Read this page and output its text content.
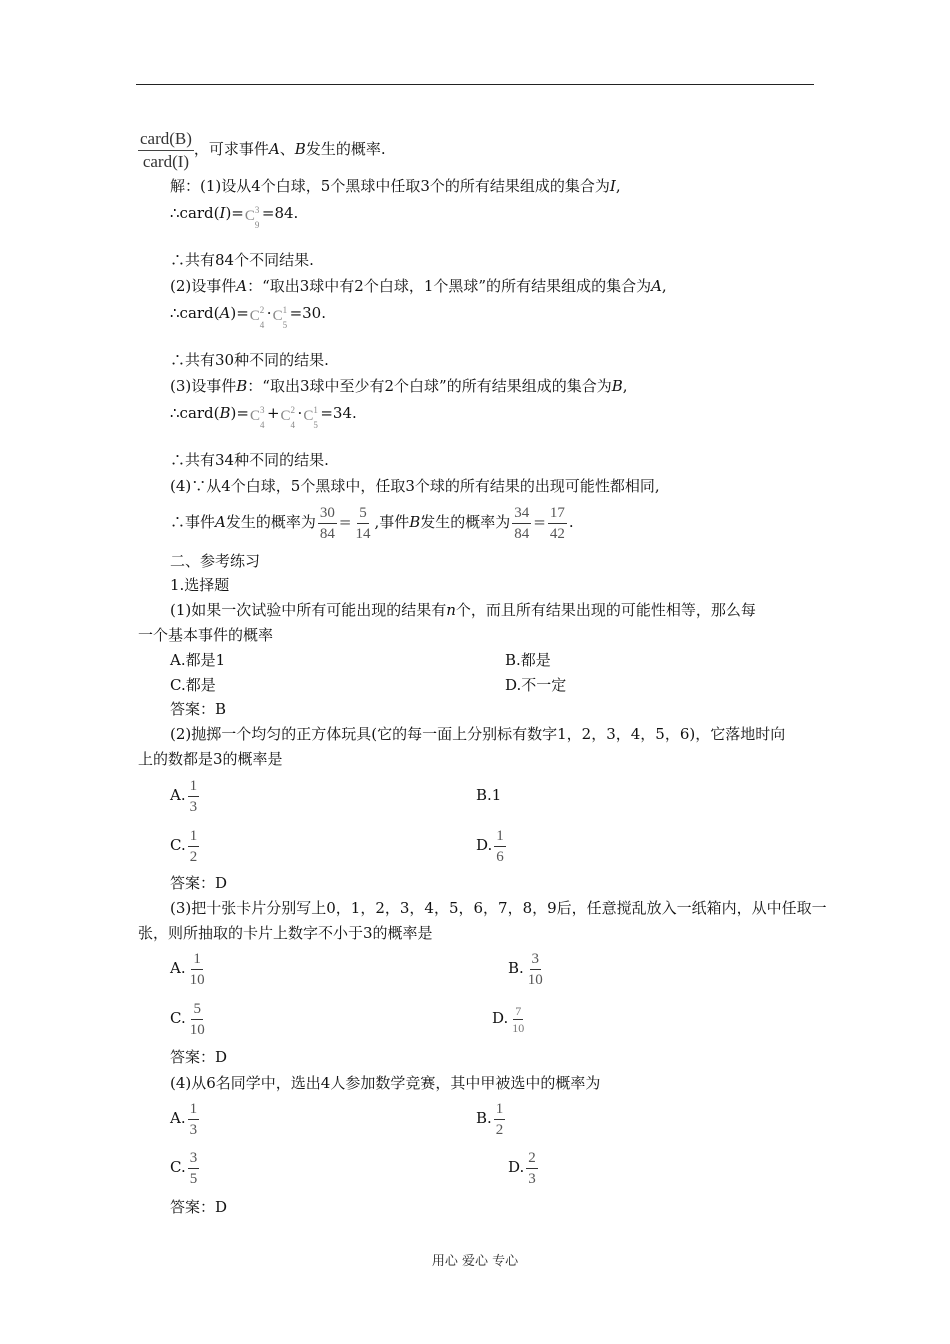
card(B)
card(I)
，可求事件A、B发生的概率.
解：(1)设从4个白球，5个黑球中任取3个的所有结果组成的集合为I,
∴card(I)= C 3
9
=84.
∴共有84个不同结果.
(2)设事件A：“取出3球中有2个白球，1个黑球”的所有结果组成的集合为A,
∴card(A)= C 2
4
· C 1
5
=30.
∴共有30种不同的结果.
(3)设事件B：“取出3球中至少有2个白球”的所有结果组成的集合为B,
∴card(B)= C 3
4
+ C 2
4
· C 1
5
=34.
∴共有34种不同的结果.
(4)∵从4个白球，5个黑球中，任取3个球的所有结果的出现可能性都相同,
∴事件A发生的概率为 $\frac{30}{84} = \frac{5}{14}$ ,事件B发生的概率为 $\frac{34}{84} = \frac{17}{42}$ .
二、参考练习
1.选择题
(1)如果一次试验中所有可能出现的结果有n个，而且所有结果出现的可能性相等，那么每
一个基本事件的概率
A.都是1	B.都是
C.都是	D.不一定
答案：B
(2)抛掷一个均匀的正方体玩具(它的每一面上分别标有数字1，2，3，4，5，6)，它落地时向
上的数都是3的概率是
A. $\frac{1}{3}$	B.1
C. $\frac{1}{2}$	D. $\frac{1}{6}$
答案：D
(3)把十张卡片分别写上0，1，2，3，4，5，6，7，8，9后，任意搅乱放入一纸箱内，从中任取一
张，则所抽取的卡片上数字不小于3的概率是
A. $\frac{1}{10}$	B. $\frac{3}{10}$
C. $\frac{5}{10}$	D. $\frac{7}{10}$
答案：D
(4)从6名同学中，选出4人参加数学竞赛，其中甲被选中的概率为
A. $\frac{1}{3}$	B. $\frac{1}{2}$
C. $\frac{3}{5}$	D. $\frac{2}{3}$
答案：D
用心 爱心 专心
